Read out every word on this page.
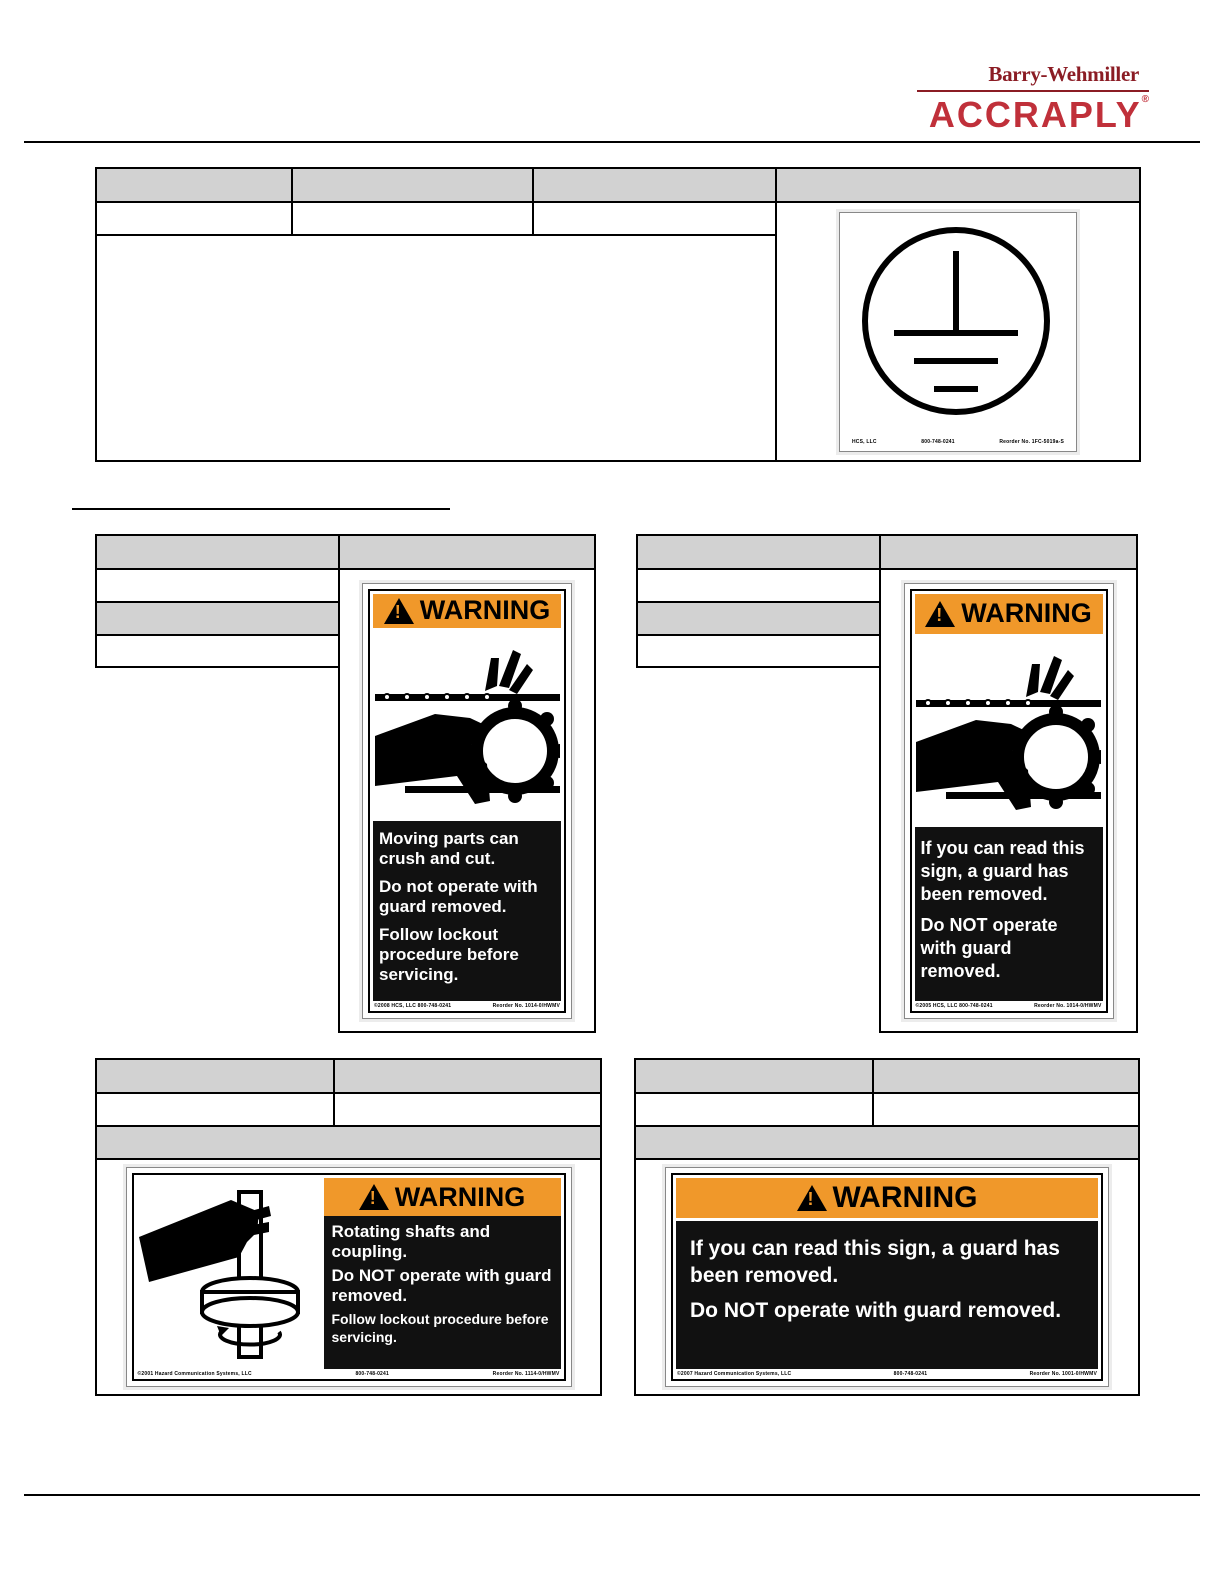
Barry-Wehmiller
ACCRAPLY®
HCS, LLC	800-748-0241	Reorder No. 1FC-5019a-S
!
WARNING

Moving parts can crush and cut.

Do not operate with guard removed.

Follow lockout procedure before servicing.

©2008 HCS, LLC 800-748-0241	Reorder No. 1014-0/HWMV
!
WARNING

If you can read this sign, a guard has been removed.

Do NOT operate with guard removed.

©2005 HCS, LLC 800-748-0241	Reorder No. 1014-0/HWMV
!
WARNING

Rotating shafts and coupling.

Do NOT operate with guard removed.

Follow lockout procedure before servicing.

©2001 Hazard Communication Systems, LLC	800-748-0241	Reorder No. 1114-0/HWMV
!
WARNING

If you can read this sign, a guard has been removed.

Do NOT operate with guard removed.

©2007 Hazard Communication Systems, LLC	800-748-0241	Reorder No. 1001-0/HWMV
